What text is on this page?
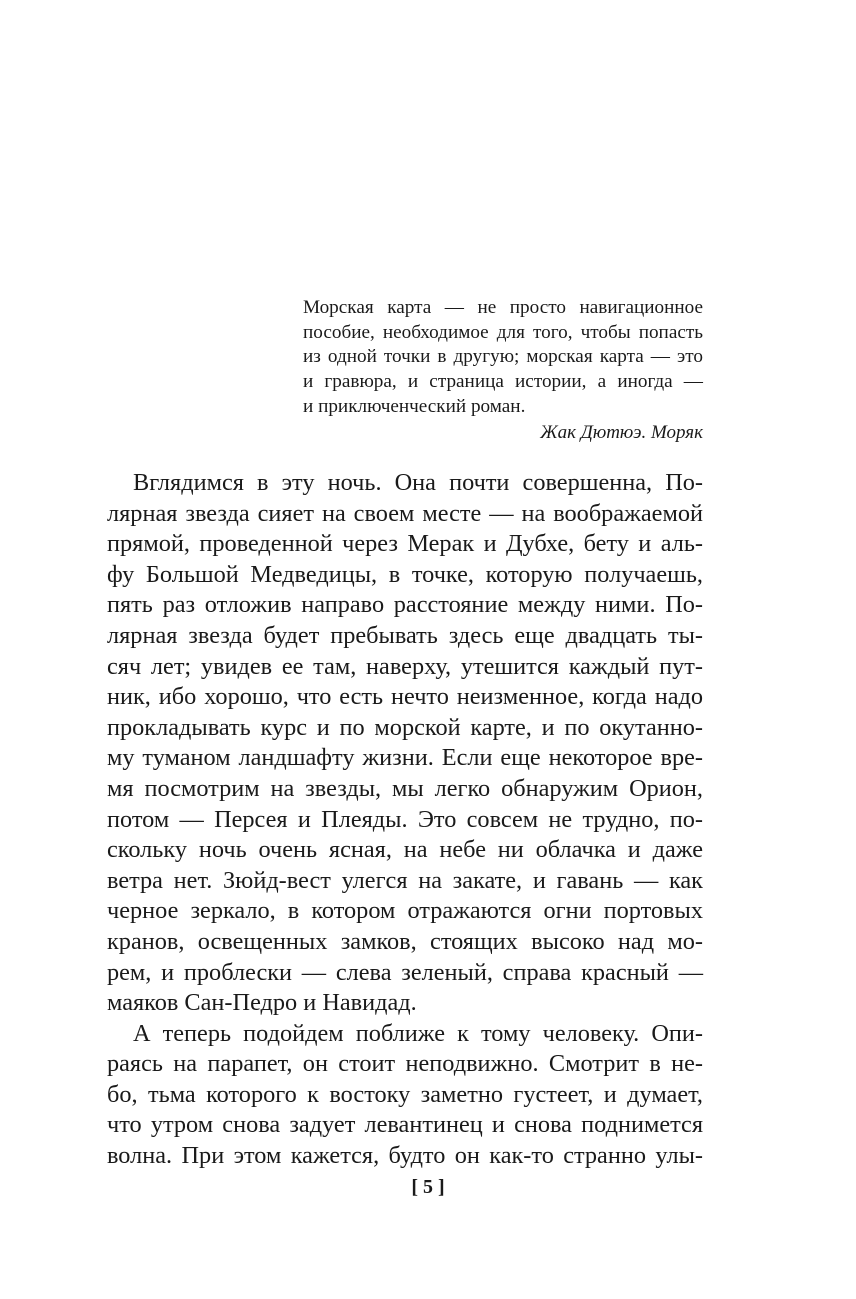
Морская карта — не просто навигационное
пособие, необходимое для того, чтобы попасть
из одной точки в другую; морская карта — это
и гравюра, и страница истории, а иногда —
и приключенческий роман.
Жак Дютюэ. Моряк
Вглядимся в эту ночь. Она почти совершенна, По-
лярная звезда сияет на своем месте — на воображаемой
прямой, проведенной через Мерак и Дубхе, бету и аль-
фу Большой Медведицы, в точке, которую получаешь,
пять раз отложив направо расстояние между ними. По-
лярная звезда будет пребывать здесь еще двадцать ты-
сяч лет; увидев ее там, наверху, утешится каждый пут-
ник, ибо хорошо, что есть нечто неизменное, когда надо
прокладывать курс и по морской карте, и по окутанно-
му туманом ландшафту жизни. Если еще некоторое вре-
мя посмотрим на звезды, мы легко обнаружим Орион,
потом — Персея и Плеяды. Это совсем не трудно, по-
скольку ночь очень ясная, на небе ни облачка и даже
ветра нет. Зюйд-вест улегся на закате, и гавань — как
черное зеркало, в котором отражаются огни портовых
кранов, освещенных замков, стоящих высоко над мо-
рем, и проблески — слева зеленый, справа красный —
маяков Сан-Педро и Навидад.
А теперь подойдем поближе к тому человеку. Опи-
раясь на парапет, он стоит неподвижно. Смотрит в не-
бо, тьма которого к востоку заметно густеет, и думает,
что утром снова задует левантинец и снова поднимется
волна. При этом кажется, будто он как-то странно улы-
[ 5 ]
